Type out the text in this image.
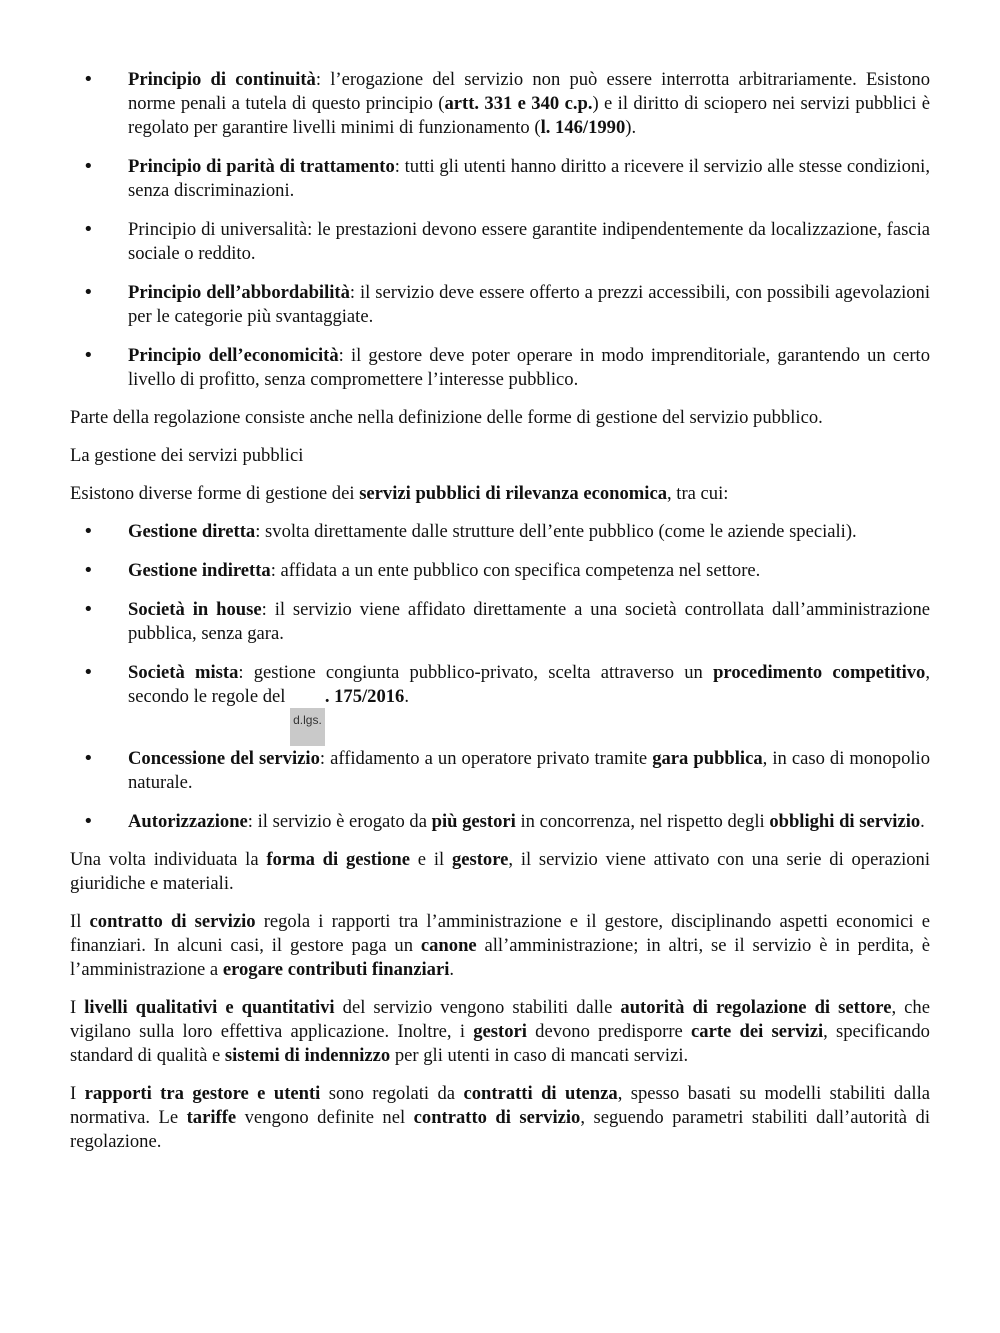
• Principio di continuità: l’erogazione del servizio non può essere interrotta arbitrariamente. Esistono norme penali a tutela di questo principio (artt. 331 e 340 c.p.) e il diritto di sciopero nei servizi pubblici è regolato per garantire livelli minimi di funzionamento (l. 146/1990).
• Principio di parità di trattamento: tutti gli utenti hanno diritto a ricevere il servizio alle stesse condizioni, senza discriminazioni.
• Principio di universalità: le prestazioni devono essere garantite indipendentemente da localizzazione, fascia sociale o reddito.
• Principio dell’abbordabilità: il servizio deve essere offerto a prezzi accessibili, con possibili agevolazioni per le categorie più svantaggiate.
• Principio dell’economicità: il gestore deve poter operare in modo imprenditoriale, garantendo un certo livello di profitto, senza compromettere l’interesse pubblico.

Parte della regolazione consiste anche nella definizione delle forme di gestione del servizio pubblico.

La gestione dei servizi pubblici

Esistono diverse forme di gestione dei servizi pubblici di rilevanza economica, tra cui:

• Gestione diretta: svolta direttamente dalle strutture dell’ente pubblico (come le aziende speciali).
• Gestione indiretta: affidata a un ente pubblico con specifica competenza nel settore.
• Società in house: il servizio viene affidato direttamente a una società controllata dall’amministrazione pubblica, senza gara.
• Società mista: gestione congiunta pubblico-privato, scelta attraverso un procedimento competitivo, secondo le regole del d.lgs.. 175/2016.
• Concessione del servizio: affidamento a un operatore privato tramite gara pubblica, in caso di monopolio naturale.
• Autorizzazione: il servizio è erogato da più gestori in concorrenza, nel rispetto degli obblighi di servizio.

Una volta individuata la forma di gestione e il gestore, il servizio viene attivato con una serie di operazioni giuridiche e materiali.

Il contratto di servizio regola i rapporti tra l’amministrazione e il gestore, disciplinando aspetti economici e finanziari. In alcuni casi, il gestore paga un canone all’amministrazione; in altri, se il servizio è in perdita, è l’amministrazione a erogare contributi finanziari.

I livelli qualitativi e quantitativi del servizio vengono stabiliti dalle autorità di regolazione di settore, che vigilano sulla loro effettiva applicazione. Inoltre, i gestori devono predisporre carte dei servizi, specificando standard di qualità e sistemi di indennizzo per gli utenti in caso di mancati servizi.

I rapporti tra gestore e utenti sono regolati da contratti di utenza, spesso basati su modelli stabiliti dalla normativa. Le tariffe vengono definite nel contratto di servizio, seguendo parametri stabiliti dall’autorità di regolazione.
